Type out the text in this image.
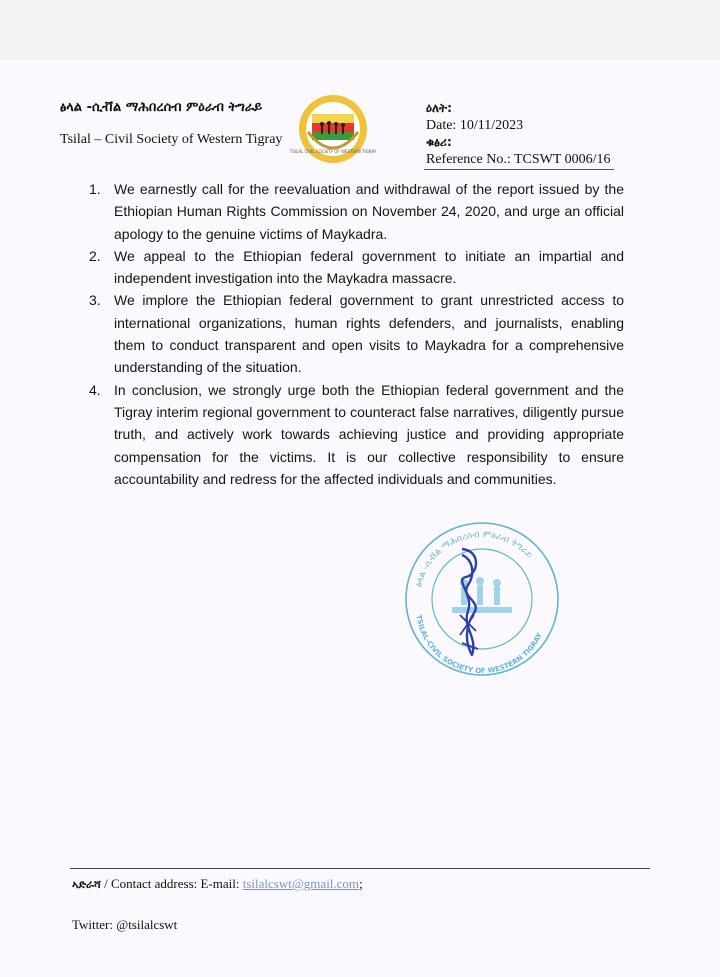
ፅላል -ሲቭል ማሕበረሰብ ምዕራብ ትግራይ
Tsilal – Civil Society of Western Tigray
TSILAL CIVIL SOCIETY OF WESTERN TIGRAY
ዕለት:
Date: 10/11/2023
ቁፅሪ:
Reference No.: TCSWT 0006/16
1. We earnestly call for the reevaluation and withdrawal of the report issued by the Ethiopian Human Rights Commission on November 24, 2020, and urge an official apology to the genuine victims of Maykadra.
2. We appeal to the Ethiopian federal government to initiate an impartial and independent investigation into the Maykadra massacre.
3. We implore the Ethiopian federal government to grant unrestricted access to international organizations, human rights defenders, and journalists, enabling them to conduct transparent and open visits to Maykadra for a comprehensive understanding of the situation.
4. In conclusion, we strongly urge both the Ethiopian federal government and the Tigray interim regional government to counteract false narratives, diligently pursue truth, and actively work towards achieving justice and providing appropriate compensation for the victims. It is our collective responsibility to ensure accountability and redress for the affected individuals and communities.
ፅላል -ሲቭል ማሕበረሰብ ምዕራብ ትግራይ
TSILAL-CIVIL SOCIETY OF WESTERN TIGRAY
ኣድራሻ / Contact address: E-mail: tsilalcswt@gmail.com;
Twitter: @tsilalcswt
